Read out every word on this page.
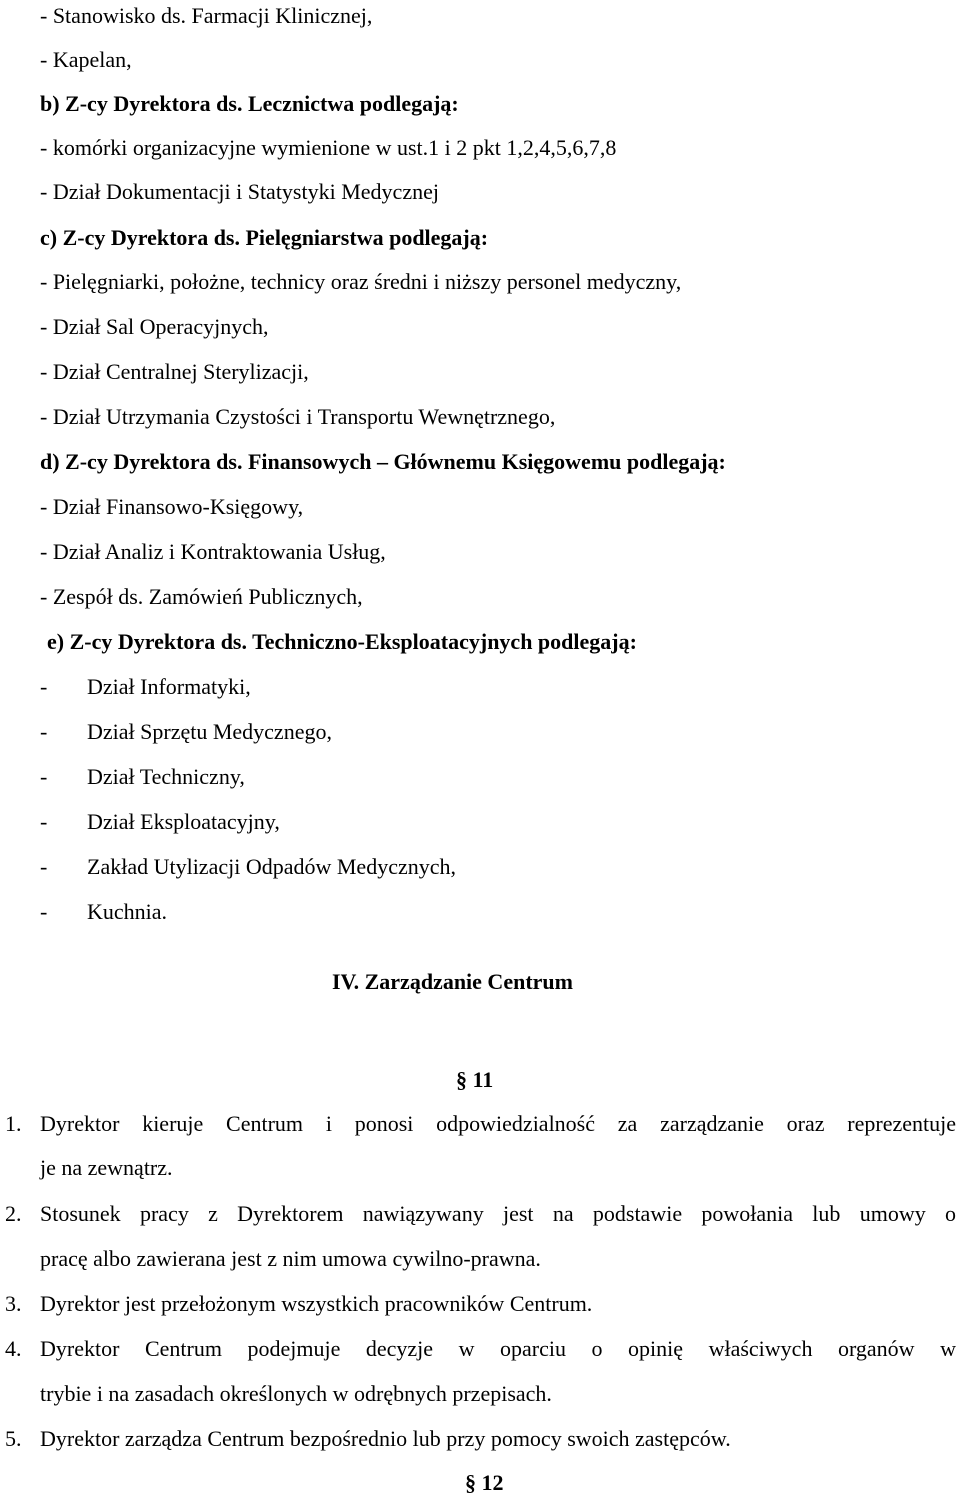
- Stanowisko ds. Farmacji Klinicznej,
- Kapelan,
b) Z-cy Dyrektora ds. Lecznictwa podlegają:
- komórki organizacyjne wymienione w ust.1 i 2 pkt 1,2,4,5,6,7,8
- Dział Dokumentacji i Statystyki Medycznej
c) Z-cy Dyrektora ds. Pielęgniarstwa podlegają:
- Pielęgniarki, położne, technicy oraz średni i niższy personel medyczny,
- Dział Sal Operacyjnych,
- Dział Centralnej Sterylizacji,
- Dział Utrzymania Czystości i Transportu Wewnętrznego,
d) Z-cy Dyrektora ds. Finansowych – Głównemu Księgowemu podlegają:
- Dział Finansowo-Księgowy,
- Dział Analiz i Kontraktowania Usług,
- Zespół ds. Zamówień Publicznych,
e) Z-cy Dyrektora ds. Techniczno-Eksploatacyjnych podlegają:
- Dział Informatyki,
- Dział Sprzętu Medycznego,
- Dział Techniczny,
- Dział Eksploatacyjny,
- Zakład Utylizacji Odpadów Medycznych,
- Kuchnia.
IV. Zarządzanie Centrum
§ 11
1. Dyrektor kieruje Centrum i ponosi odpowiedzialność za zarządzanie oraz reprezentuje
je na zewnątrz.
2. Stosunek pracy z Dyrektorem nawiązywany jest na podstawie powołania lub umowy o
pracę albo zawierana jest z nim umowa cywilno-prawna.
3. Dyrektor jest przełożonym wszystkich pracowników Centrum.
4. Dyrektor Centrum podejmuje decyzje w oparciu o opinię właściwych organów w
trybie i na zasadach określonych w odrębnych przepisach.
5. Dyrektor zarządza Centrum bezpośrednio lub przy pomocy swoich zastępców.
§ 12
